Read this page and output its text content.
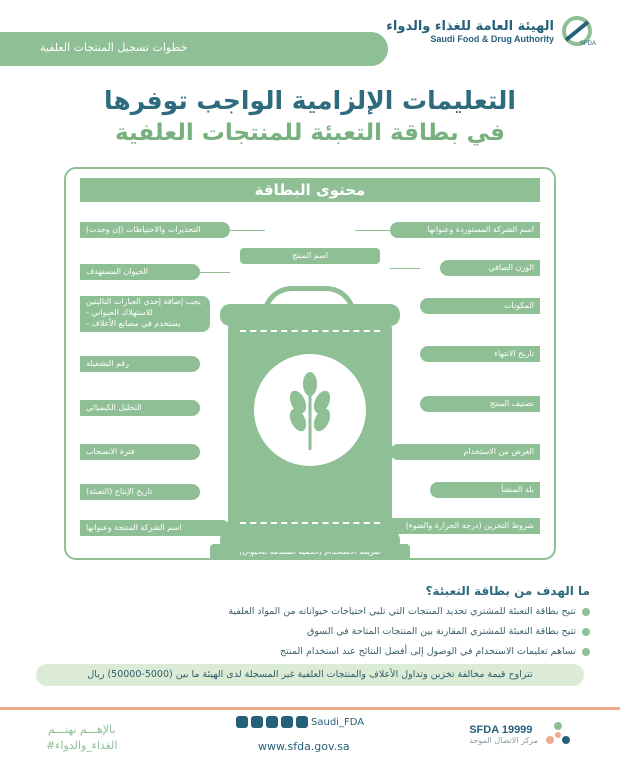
الهيئة العامة للغذاء والدواء
Saudi Food & Drug Authority
SFDA
خطوات تسجيل المنتجات العلفية
التعليمات الإلزامية الواجب توفرها
في بطاقة التعبئة للمنتجات العلفية
محتوى البطاقة
اسم المنتج
اسم الشركة المستوردة وعنوانها
الوزن الصافي
المكونات
تاريخ الانتهاء
تصنيف المنتج
الغرض من الاستخدام
بلد المنشأ
شروط التخزين (درجة الحرارة والضوء)
التحذيرات والاحتياطات (إن وجدت)
الحيوان المستهدف
يجب إضافة إحدى العبارات التاليتين
- للاستهلاك الحيواني
- يستخدم في مصانع الأعلاف
رقم التشغيلة
التحليل الكيميائي
فترة الانسحاب
تاريخ الإنتاج (التعبئة)
اسم الشركة المنتجة وعنوانها
ما الهدف من بطاقة التعبئة؟
تتيح بطاقة التعبئة للمشتري تحديد المنتجات التي تلبي احتياجات حيواناته من المواد العلفية
تتيح بطاقة التعبئة للمشتري المقارنة بين المنتجات المتاحة في السوق
تساهم تعليمات الاستخدام في الوصول إلى أفضل النتائج عند استخدام المنتج
تتراوح قيمة مخالفة تخزين وتداول الأعلاف والمنتجات العلفية غير المسجلة لدى الهيئة ما بين (5000-50000) ريال
بالإهـــم نهتـــم
#الغذاء_والدواء
Saudi_FDA
www.sfda.gov.sa
SFDA 19999
مركز الاتصال الموحد
